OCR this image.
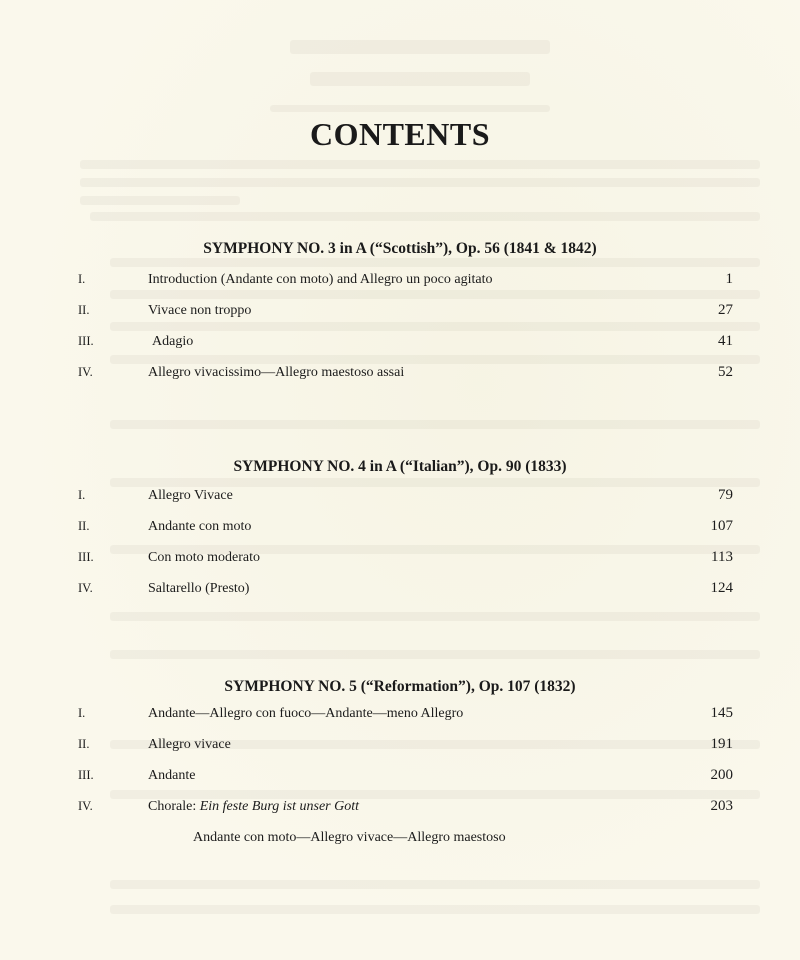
CONTENTS
SYMPHONY NO. 3 in A (“Scottish”), Op. 56 (1841 & 1842)
I.	Introduction (Andante con moto) and Allegro un poco agitato	1
II.	Vivace non troppo	27
III.	Adagio	41
IV.	Allegro vivacissimo—Allegro maestoso assai	52
SYMPHONY NO. 4 in A (“Italian”), Op. 90 (1833)
I.	Allegro Vivace	79
II.	Andante con moto	107
III.	Con moto moderato	113
IV.	Saltarello (Presto)	124
SYMPHONY NO. 5 (“Reformation”), Op. 107 (1832)
I.	Andante—Allegro con fuoco—Andante—meno Allegro	145
II.	Allegro vivace	191
III.	Andante	200
IV.	Chorale: Ein feste Burg ist unser Gott	203
Andante con moto—Allegro vivace—Allegro maestoso
